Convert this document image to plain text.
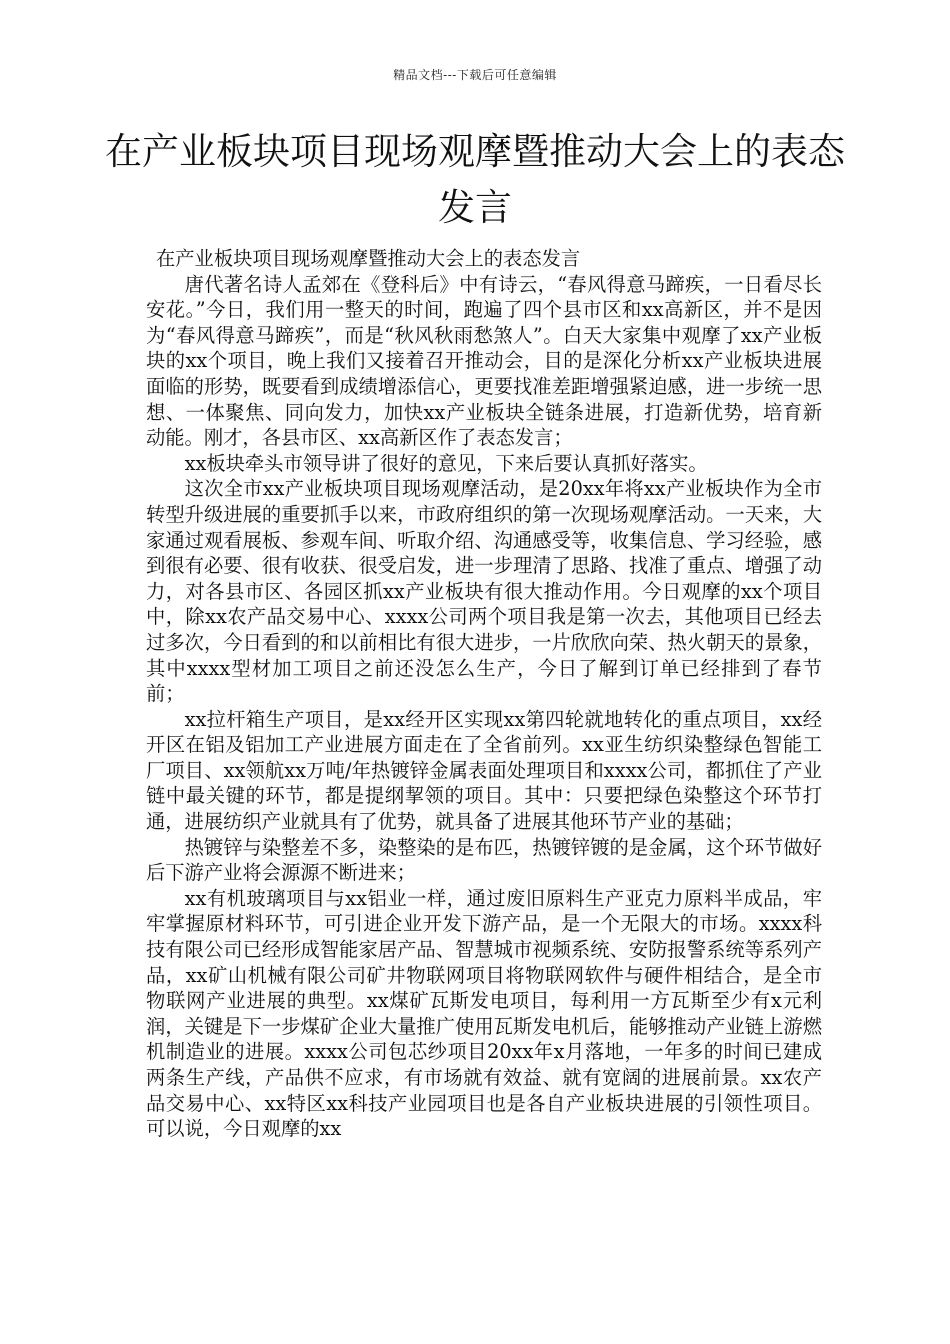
精品文档---下载后可任意编辑
在产业板块项目现场观摩暨推动大会上的表态发言

在产业板块项目现场观摩暨推动大会上的表态发言

唐代著名诗人孟郊在《登科后》中有诗云，“春风得意马蹄疾，一日看尽长安花。”今日，我们用一整天的时间，跑遍了四个县市区和xx高新区，并不是因为“春风得意马蹄疾”，而是“秋风秋雨愁煞人”。白天大家集中观摩了xx产业板块的xx个项目，晚上我们又接着召开推动会，目的是深化分析xx产业板块进展面临的形势，既要看到成绩增添信心，更要找准差距增强紧迫感，进一步统一思想、一体聚焦、同向发力，加快xx产业板块全链条进展，打造新优势，培育新动能。刚才，各县市区、xx高新区作了表态发言；

xx板块牵头市领导讲了很好的意见，下来后要认真抓好落实。

这次全市xx产业板块项目现场观摩活动，是20xx年将xx产业板块作为全市转型升级进展的重要抓手以来，市政府组织的第一次现场观摩活动。一天来，大家通过观看展板、参观车间、听取介绍、沟通感受等，收集信息、学习经验，感到很有必要、很有收获、很受启发，进一步理清了思路、找准了重点、增强了动力，对各县市区、各园区抓xx产业板块有很大推动作用。今日观摩的xx个项目中，除xx农产品交易中心、xxxx公司两个项目我是第一次去，其他项目已经去过多次，今日看到的和以前相比有很大进步，一片欣欣向荣、热火朝天的景象，其中xxxx型材加工项目之前还没怎么生产，今日了解到订单已经排到了春节前；

xx拉杆箱生产项目，是xx经开区实现xx第四轮就地转化的重点项目，xx经开区在铝及铝加工产业进展方面走在了全省前列。xx亚生纺织染整绿色智能工厂项目、xx领航xx万吨/年热镀锌金属表面处理项目和xxxx公司，都抓住了产业链中最关键的环节，都是提纲挈领的项目。其中：只要把绿色染整这个环节打通，进展纺织产业就具有了优势，就具备了进展其他环节产业的基础；

热镀锌与染整差不多，染整染的是布匹，热镀锌镀的是金属，这个环节做好后下游产业将会源源不断进来；

xx有机玻璃项目与xx铝业一样，通过废旧原料生产亚克力原料半成品，牢牢掌握原材料环节，可引进企业开发下游产品，是一个无限大的市场。xxxx科技有限公司已经形成智能家居产品、智慧城市视频系统、安防报警系统等系列产品，xx矿山机械有限公司矿井物联网项目将物联网软件与硬件相结合，是全市物联网产业进展的典型。xx煤矿瓦斯发电项目，每利用一方瓦斯至少有x元利润，关键是下一步煤矿企业大量推广使用瓦斯发电机后，能够推动产业链上游燃机制造业的进展。xxxx公司包芯纱项目20xx年x月落地，一年多的时间已建成两条生产线，产品供不应求，有市场就有效益、就有宽阔的进展前景。xx农产品交易中心、xx特区xx科技产业园项目也是各自产业板块进展的引领性项目。可以说，今日观摩的xx
